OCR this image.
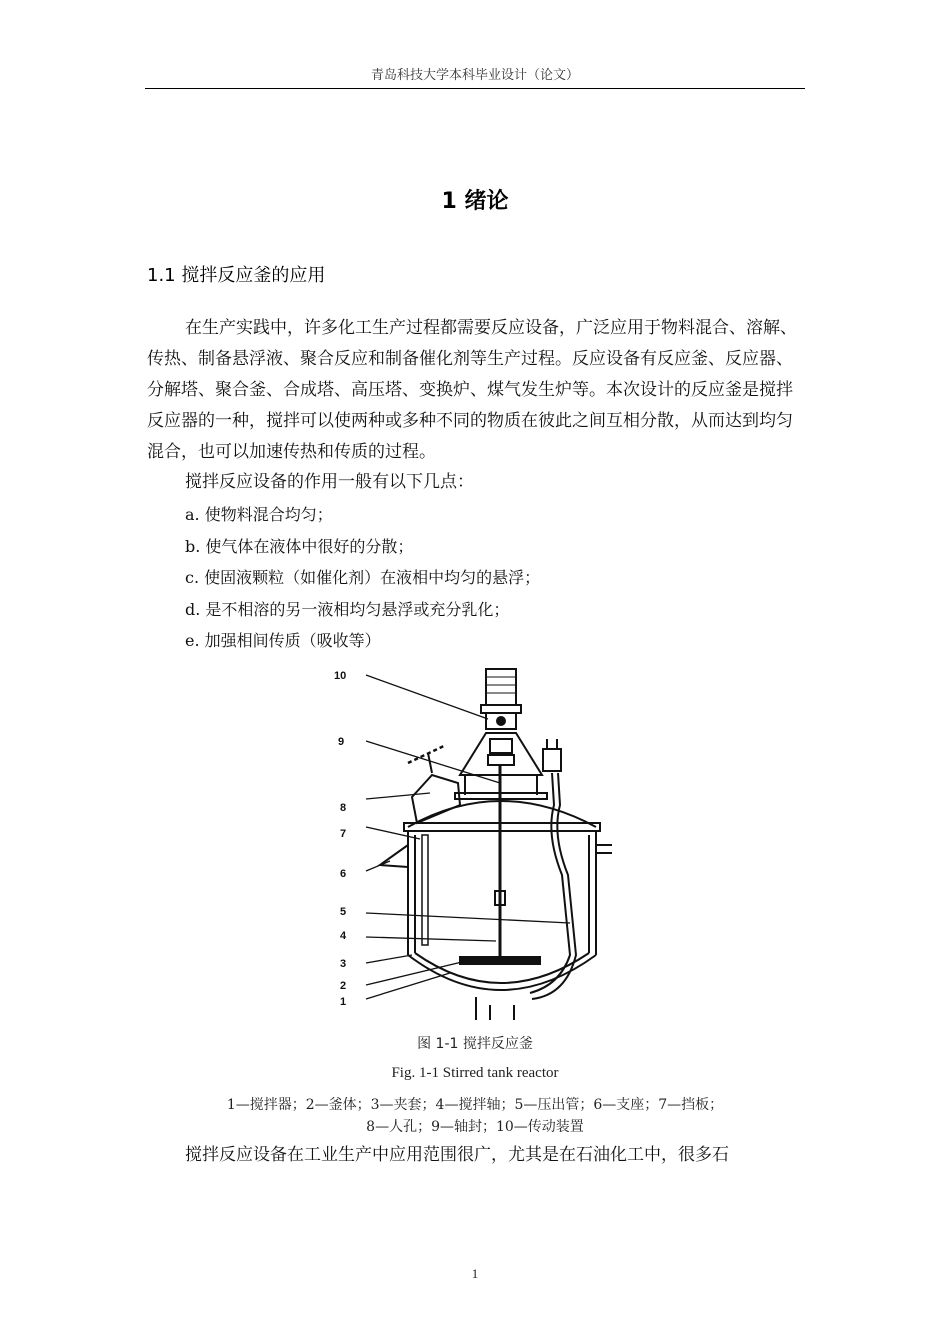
青岛科技大学本科毕业设计（论文）
1 绪论
1.1 搅拌反应釜的应用
在生产实践中，许多化工生产过程都需要反应设备，广泛应用于物料混合、溶解、传热、制备悬浮液、聚合反应和制备催化剂等生产过程。反应设备有反应釜、反应器、分解塔、聚合釜、合成塔、高压塔、变换炉、煤气发生炉等。本次设计的反应釜是搅拌反应器的一种，搅拌可以使两种或多种不同的物质在彼此之间互相分散，从而达到均匀混合，也可以加速传热和传质的过程。
搅拌反应设备的作用一般有以下几点：
a. 使物料混合均匀；
b. 使气体在液体中很好的分散；
c. 使固液颗粒（如催化剂）在液相中均匀的悬浮；
d. 是不相溶的另一液相均匀悬浮或充分乳化；
e. 加强相间传质（吸收等）
10
9
8
7
6
5
4
3
2
1
图 1-1 搅拌反应釜
Fig. 1-1 Stirred tank reactor
1—搅拌器；2—釜体；3—夹套；4—搅拌轴；5—压出管；6—支座；7—挡板；
8—人孔；9—轴封；10—传动装置
搅拌反应设备在工业生产中应用范围很广，尤其是在石油化工中，很多石
1
